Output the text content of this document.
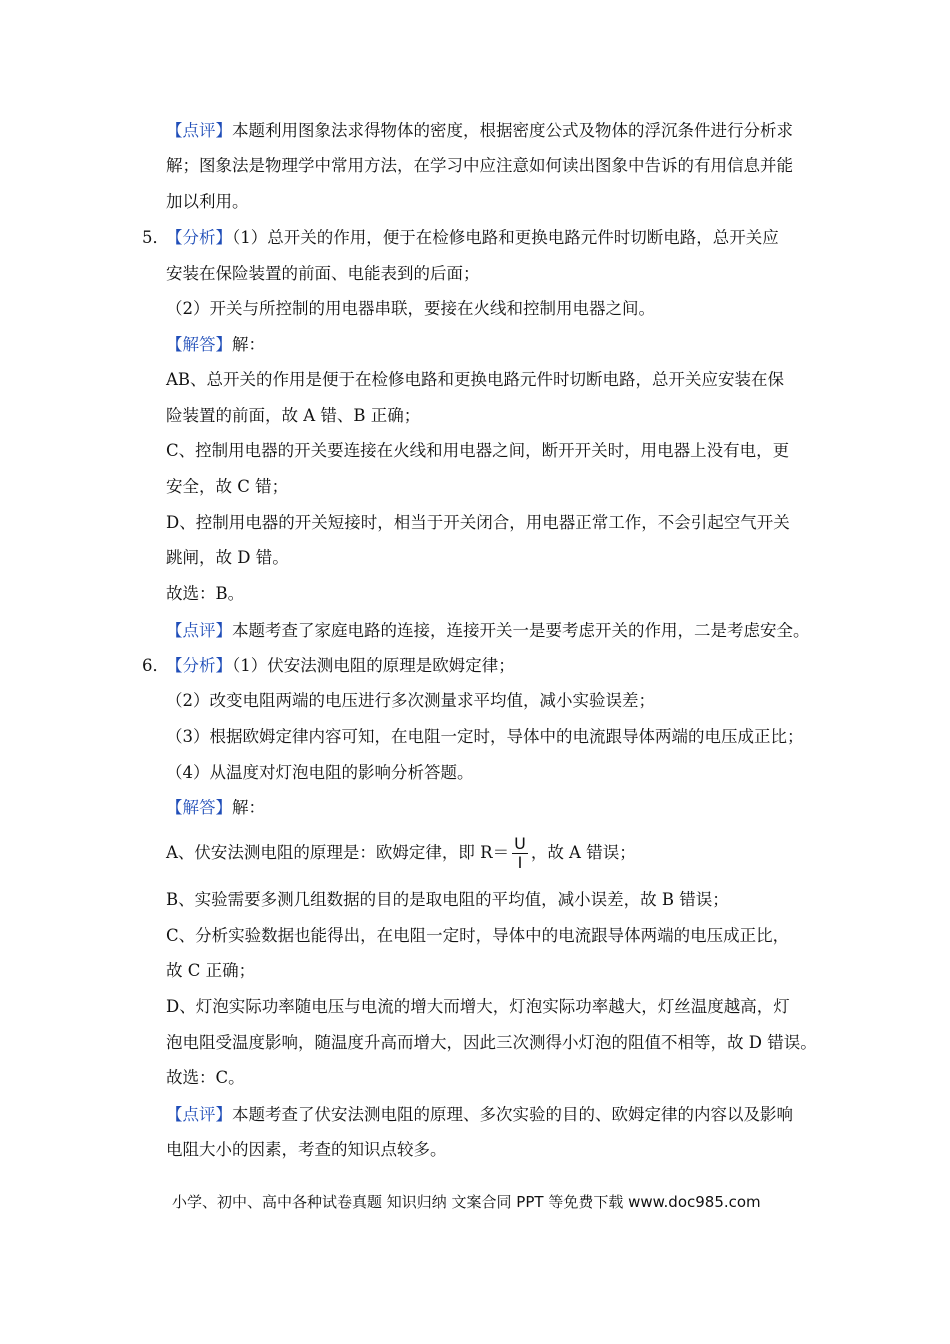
【点评】本题利用图象法求得物体的密度，根据密度公式及物体的浮沉条件进行分析求
解；图象法是物理学中常用方法，在学习中应注意如何读出图象中告诉的有用信息并能
加以利用。
5．
【分析】（1）总开关的作用，便于在检修电路和更换电路元件时切断电路，总开关应
安装在保险装置的前面、电能表到的后面；
（2）开关与所控制的用电器串联，要接在火线和控制用电器之间。
【解答】解：
AB、总开关的作用是便于在检修电路和更换电路元件时切断电路，总开关应安装在保
险装置的前面，故 A 错、B 正确；
C、控制用电器的开关要连接在火线和用电器之间，断开开关时，用电器上没有电，更
安全，故 C 错；
D、控制用电器的开关短接时，相当于开关闭合，用电器正常工作，不会引起空气开关
跳闸，故 D 错。
故选：B。
【点评】本题考查了家庭电路的连接，连接开关一是要考虑开关的作用，二是考虑安全。
6．
【分析】（1）伏安法测电阻的原理是欧姆定律；
（2）改变电阻两端的电压进行多次测量求平均值，减小实验误差；
（3）根据欧姆定律内容可知，在电阻一定时，导体中的电流跟导体两端的电压成正比；
（4）从温度对灯泡电阻的影响分析答题。
【解答】解：
A、伏安法测电阻的原理是：欧姆定律，即 $R= \frac{U}{I}$ ，故 A 错误；
B、实验需要多测几组数据的目的是取电阻的平均值，减小误差，故 B 错误；
C、分析实验数据也能得出，在电阻一定时，导体中的电流跟导体两端的电压成正比，
故 C 正确；
D、灯泡实际功率随电压与电流的增大而增大，灯泡实际功率越大，灯丝温度越高，灯
泡电阻受温度影响，随温度升高而增大，因此三次测得小灯泡的阻值不相等，故 D 错误。
故选：C。
【点评】本题考查了伏安法测电阻的原理、多次实验的目的、欧姆定律的内容以及影响
电阻大小的因素，考查的知识点较多。
小学、初中、高中各种试卷真题 知识归纳 文案合同 PPT 等免费下载 www.doc985.com
